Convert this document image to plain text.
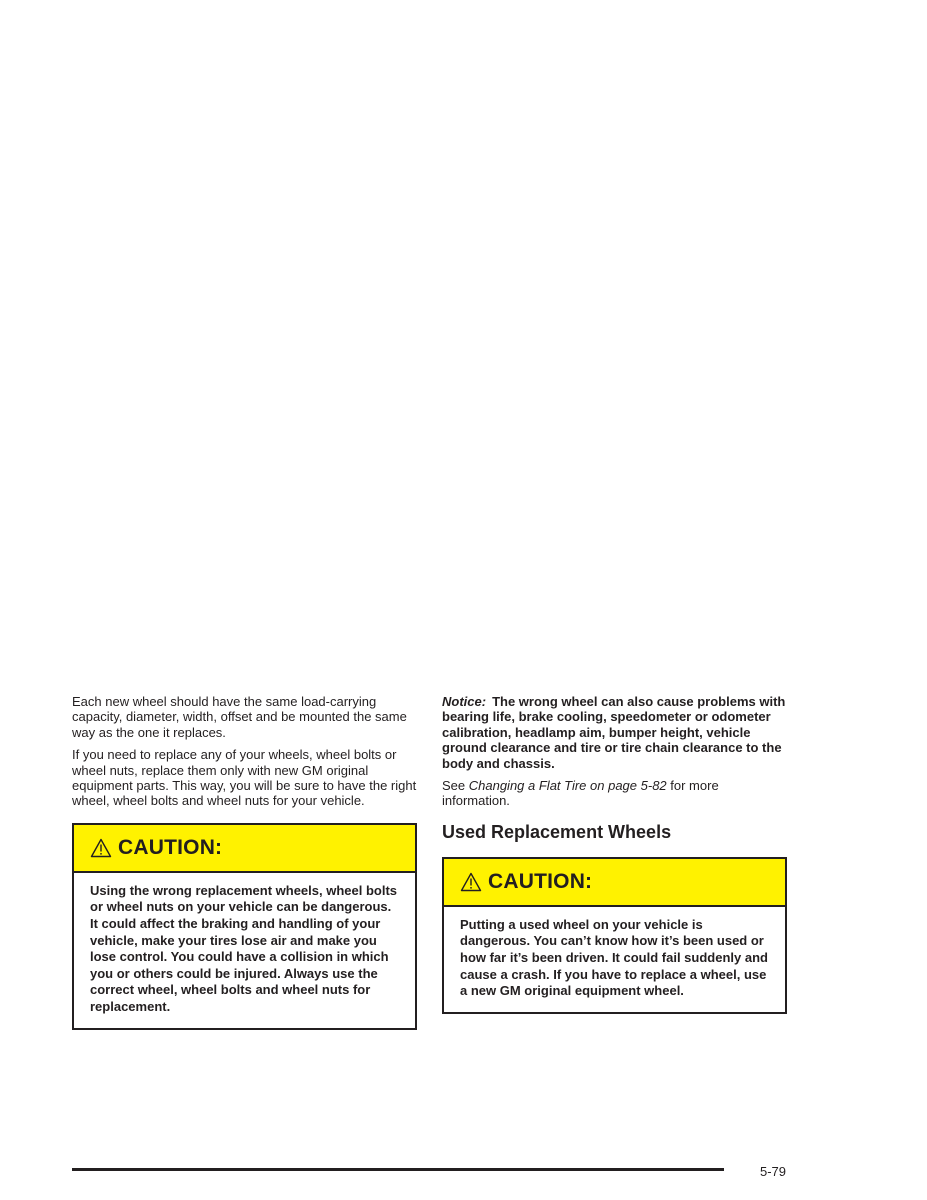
Each new wheel should have the same load-carrying capacity, diameter, width, offset and be mounted the same way as the one it replaces.

If you need to replace any of your wheels, wheel bolts or wheel nuts, replace them only with new GM original equipment parts. This way, you will be sure to have the right wheel, wheel bolts and wheel nuts for your vehicle.

CAUTION:
Using the wrong replacement wheels, wheel bolts or wheel nuts on your vehicle can be dangerous. It could affect the braking and handling of your vehicle, make your tires lose air and make you lose control. You could have a collision in which you or others could be injured. Always use the correct wheel, wheel bolts and wheel nuts for replacement.

Notice: The wrong wheel can also cause problems with bearing life, brake cooling, speedometer or odometer calibration, headlamp aim, bumper height, vehicle ground clearance and tire or tire chain clearance to the body and chassis.

See Changing a Flat Tire on page 5-82 for more information.

Used Replacement Wheels
CAUTION:
Putting a used wheel on your vehicle is dangerous. You can’t know how it’s been used or how far it’s been driven. It could fail suddenly and cause a crash. If you have to replace a wheel, use a new GM original equipment wheel.
5-79
